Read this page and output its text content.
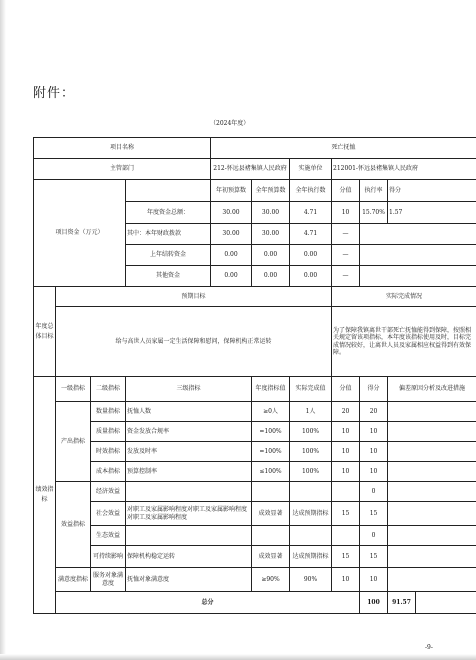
附件：
（2024年度）
项目名称				死亡抚恤						
主管部门				212-怀远县褚集镇人民政府		实施单位	212001-怀远县褚集镇人民政府			
项目资金（万元）				年初预算数	全年预算数	全年执行数	分值	执行率	得分	
			年度资金总额：	30.00	30.00	4.71	10	15.70%	1.57	
			其中：本年财政拨款	30.00	30.00	4.71	—			
			上年结转资金	0.00	0.00	0.00	—			
			其他资金	0.00	0.00	0.00	—			
年度总体目标	预期目标						实际完成情况			
	给与高世人员家属一定生活保障和慰问，保障机构正常运转						为了保障我镇离世干部死亡抚恤能得到保障，按照相关规定留该项指标，本年度该指标使用及时，目标完成情况较好，让离世人员及家属相应权益得到有效保障。			
绩效指标	一级指标	二级指标	三级指标		年度指标值	实际完成值	分值	得分	偏差原因分析及改进措施	
	产出指标	数量指标	抚恤人数		≥0人	1人	20	20		
		质量指标	资金发放合规率		=100%	100%	10	10		
		时效指标	发放及时率		=100%	100%	10	10		
		成本指标	预算控制率		≤100%	100%	10	10		
	效益指标	经济效益						0		
		社会效益	对职工及家属影响程度对职工及家属影响程度对职工及家属影响程度		成效显著	达成预期指标	15	15		
		生态效益						0		
		可持续影响	保障机构稳定运转		成效显著	达成预期指标	15	15		
	满意度指标	服务对象满意度	抚恤对象满意度		≥90%	90%	10	10		
	总分							100	91.57	
-9-
